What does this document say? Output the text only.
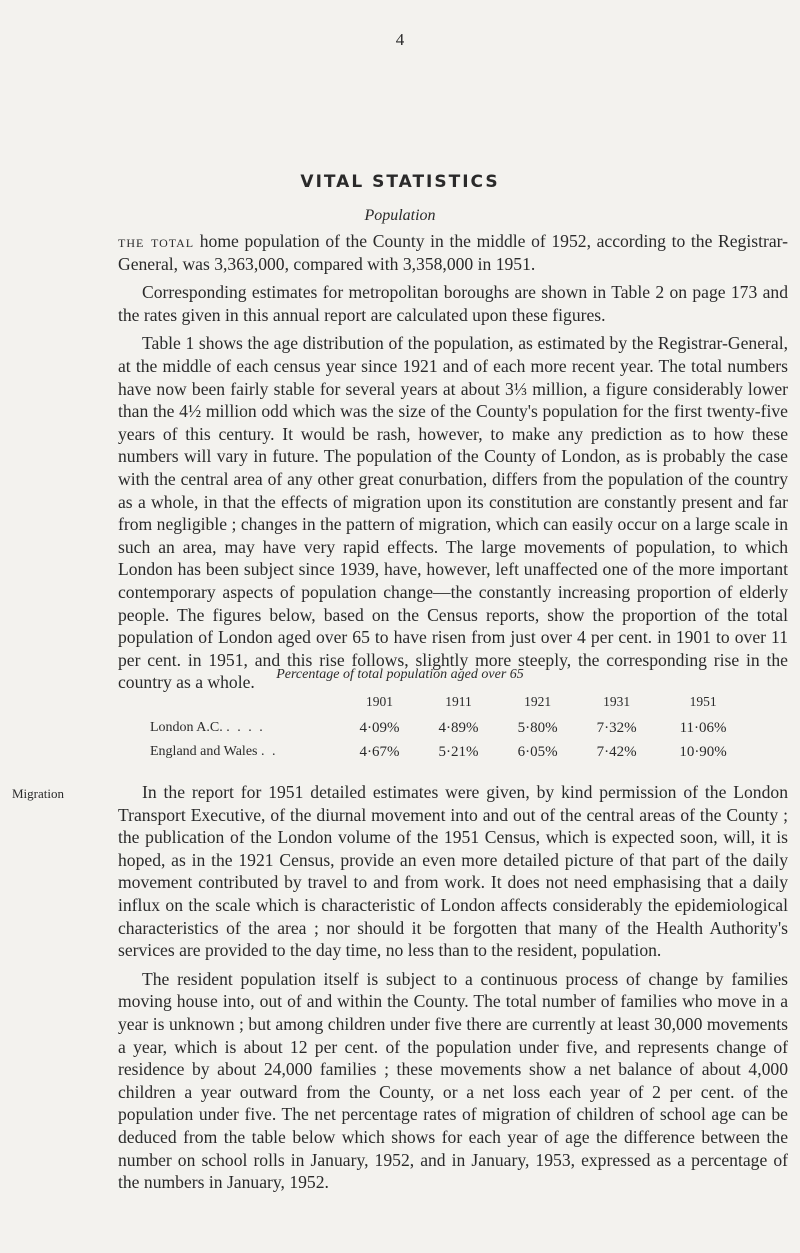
4
VITAL STATISTICS
Population

the total home population of the County in the middle of 1952, according to the Registrar-General, was 3,363,000, compared with 3,358,000 in 1951.

Corresponding estimates for metropolitan boroughs are shown in Table 2 on page 173 and the rates given in this annual report are calculated upon these figures.

Table 1 shows the age distribution of the population, as estimated by the Registrar-General, at the middle of each census year since 1921 and of each more recent year. The total numbers have now been fairly stable for several years at about 3⅓ million, a figure considerably lower than the 4½ million odd which was the size of the County's population for the first twenty-five years of this century. It would be rash, however, to make any prediction as to how these numbers will vary in future. The population of the County of London, as is probably the case with the central area of any other great conurbation, differs from the population of the country as a whole, in that the effects of migration upon its constitution are constantly present and far from negligible ; changes in the pattern of migration, which can easily occur on a large scale in such an area, may have very rapid effects. The large movements of population, to which London has been subject since 1939, have, however, left unaffected one of the more important contemporary aspects of population change—the constantly increasing proportion of elderly people. The figures below, based on the Census reports, show the proportion of the total population of London aged over 65 to have risen from just over 4 per cent. in 1901 to over 11 per cent. in 1951, and this rise follows, slightly more steeply, the corresponding rise in the country as a whole.	Percentage of total population aged over 65
	1901	1911	1921	1931	1951
London A.C. . . . .	4·09%	4·89%	5·80%	7·32%	11·06%
England and Wales . .	4·67%	5·21%	6·05%	7·42%	10·90%
Migration	In the report for 1951 detailed estimates were given, by kind permission of the London Transport Executive, of the diurnal movement into and out of the central areas of the County ; the publication of the London volume of the 1951 Census, which is expected soon, will, it is hoped, as in the 1921 Census, provide an even more detailed picture of that part of the daily movement contributed by travel to and from work. It does not need emphasising that a daily influx on the scale which is characteristic of London affects considerably the epidemiological characteristics of the area ; nor should it be forgotten that many of the Health Authority's services are provided to the day time, no less than to the resident, population.

The resident population itself is subject to a continuous process of change by families moving house into, out of and within the County. The total number of families who move in a year is unknown ; but among children under five there are currently at least 30,000 movements a year, which is about 12 per cent. of the population under five, and represents change of residence by about 24,000 families ; these movements show a net balance of about 4,000 children a year outward from the County, or a net loss each year of 2 per cent. of the population under five. The net percentage rates of migration of children of school age can be deduced from the table below which shows for each year of age the difference between the number on school rolls in January, 1952, and in January, 1953, expressed as a percentage of the numbers in January, 1952.
